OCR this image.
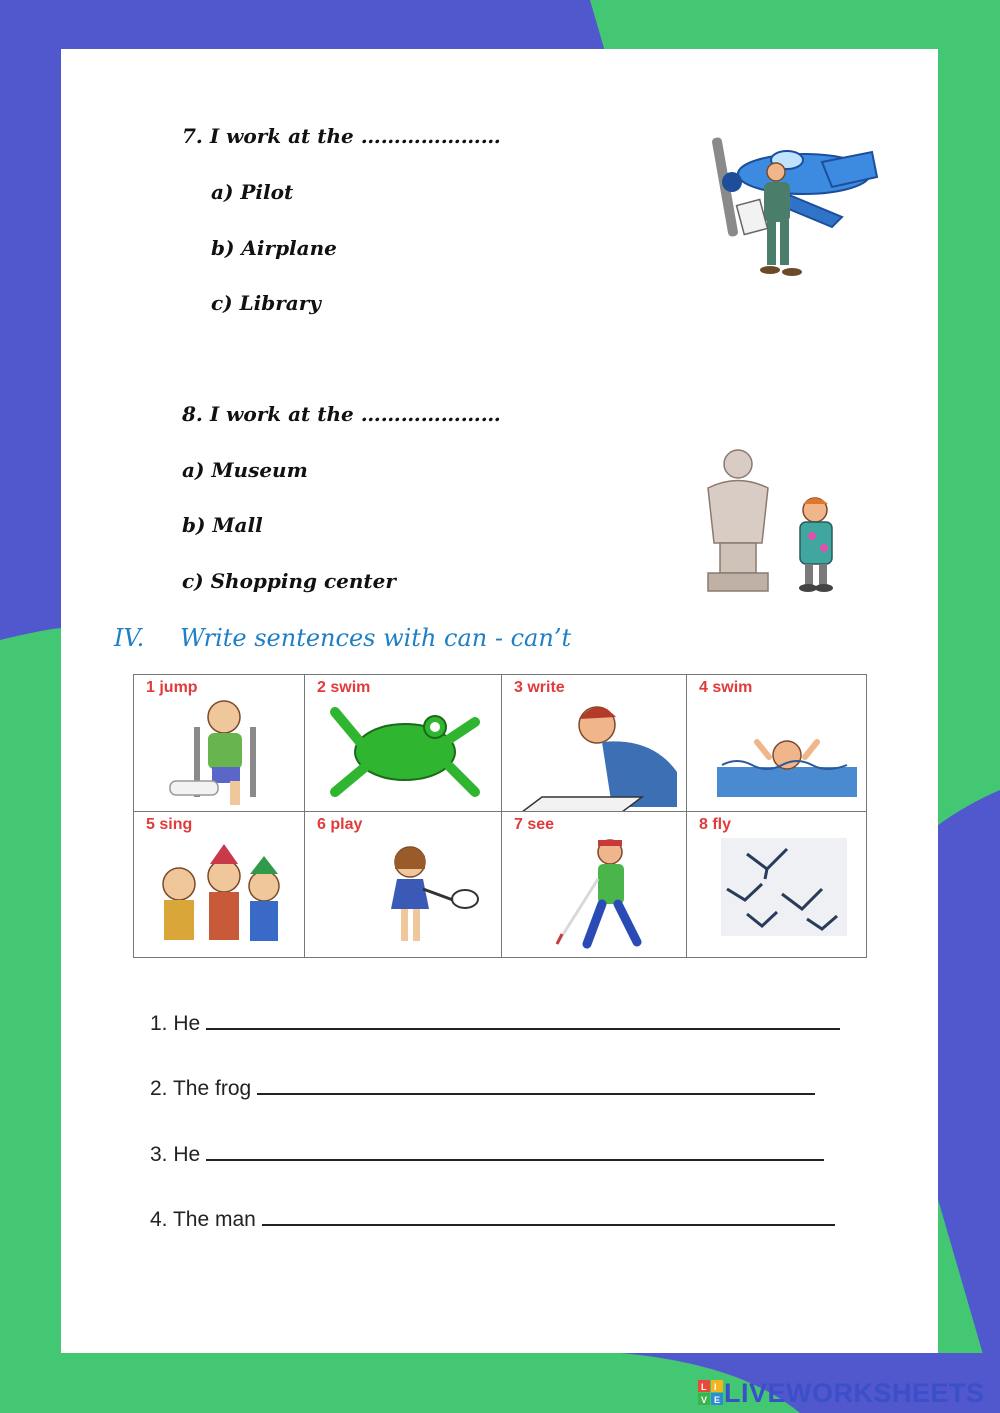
7. I work at the …………………
a) Pilot
b) Airplane
c) Library
8. I work at the …………………
a) Museum
b) Mall
c) Shopping center
IV. Write sentences with can - can’t
1 jump	2 swim	3 write	4 swim
5 sing	6 play	7 see	8 fly
1. He
2. The frog
3. He
4. The man
L I
V E LIVEWORKSHEETS
